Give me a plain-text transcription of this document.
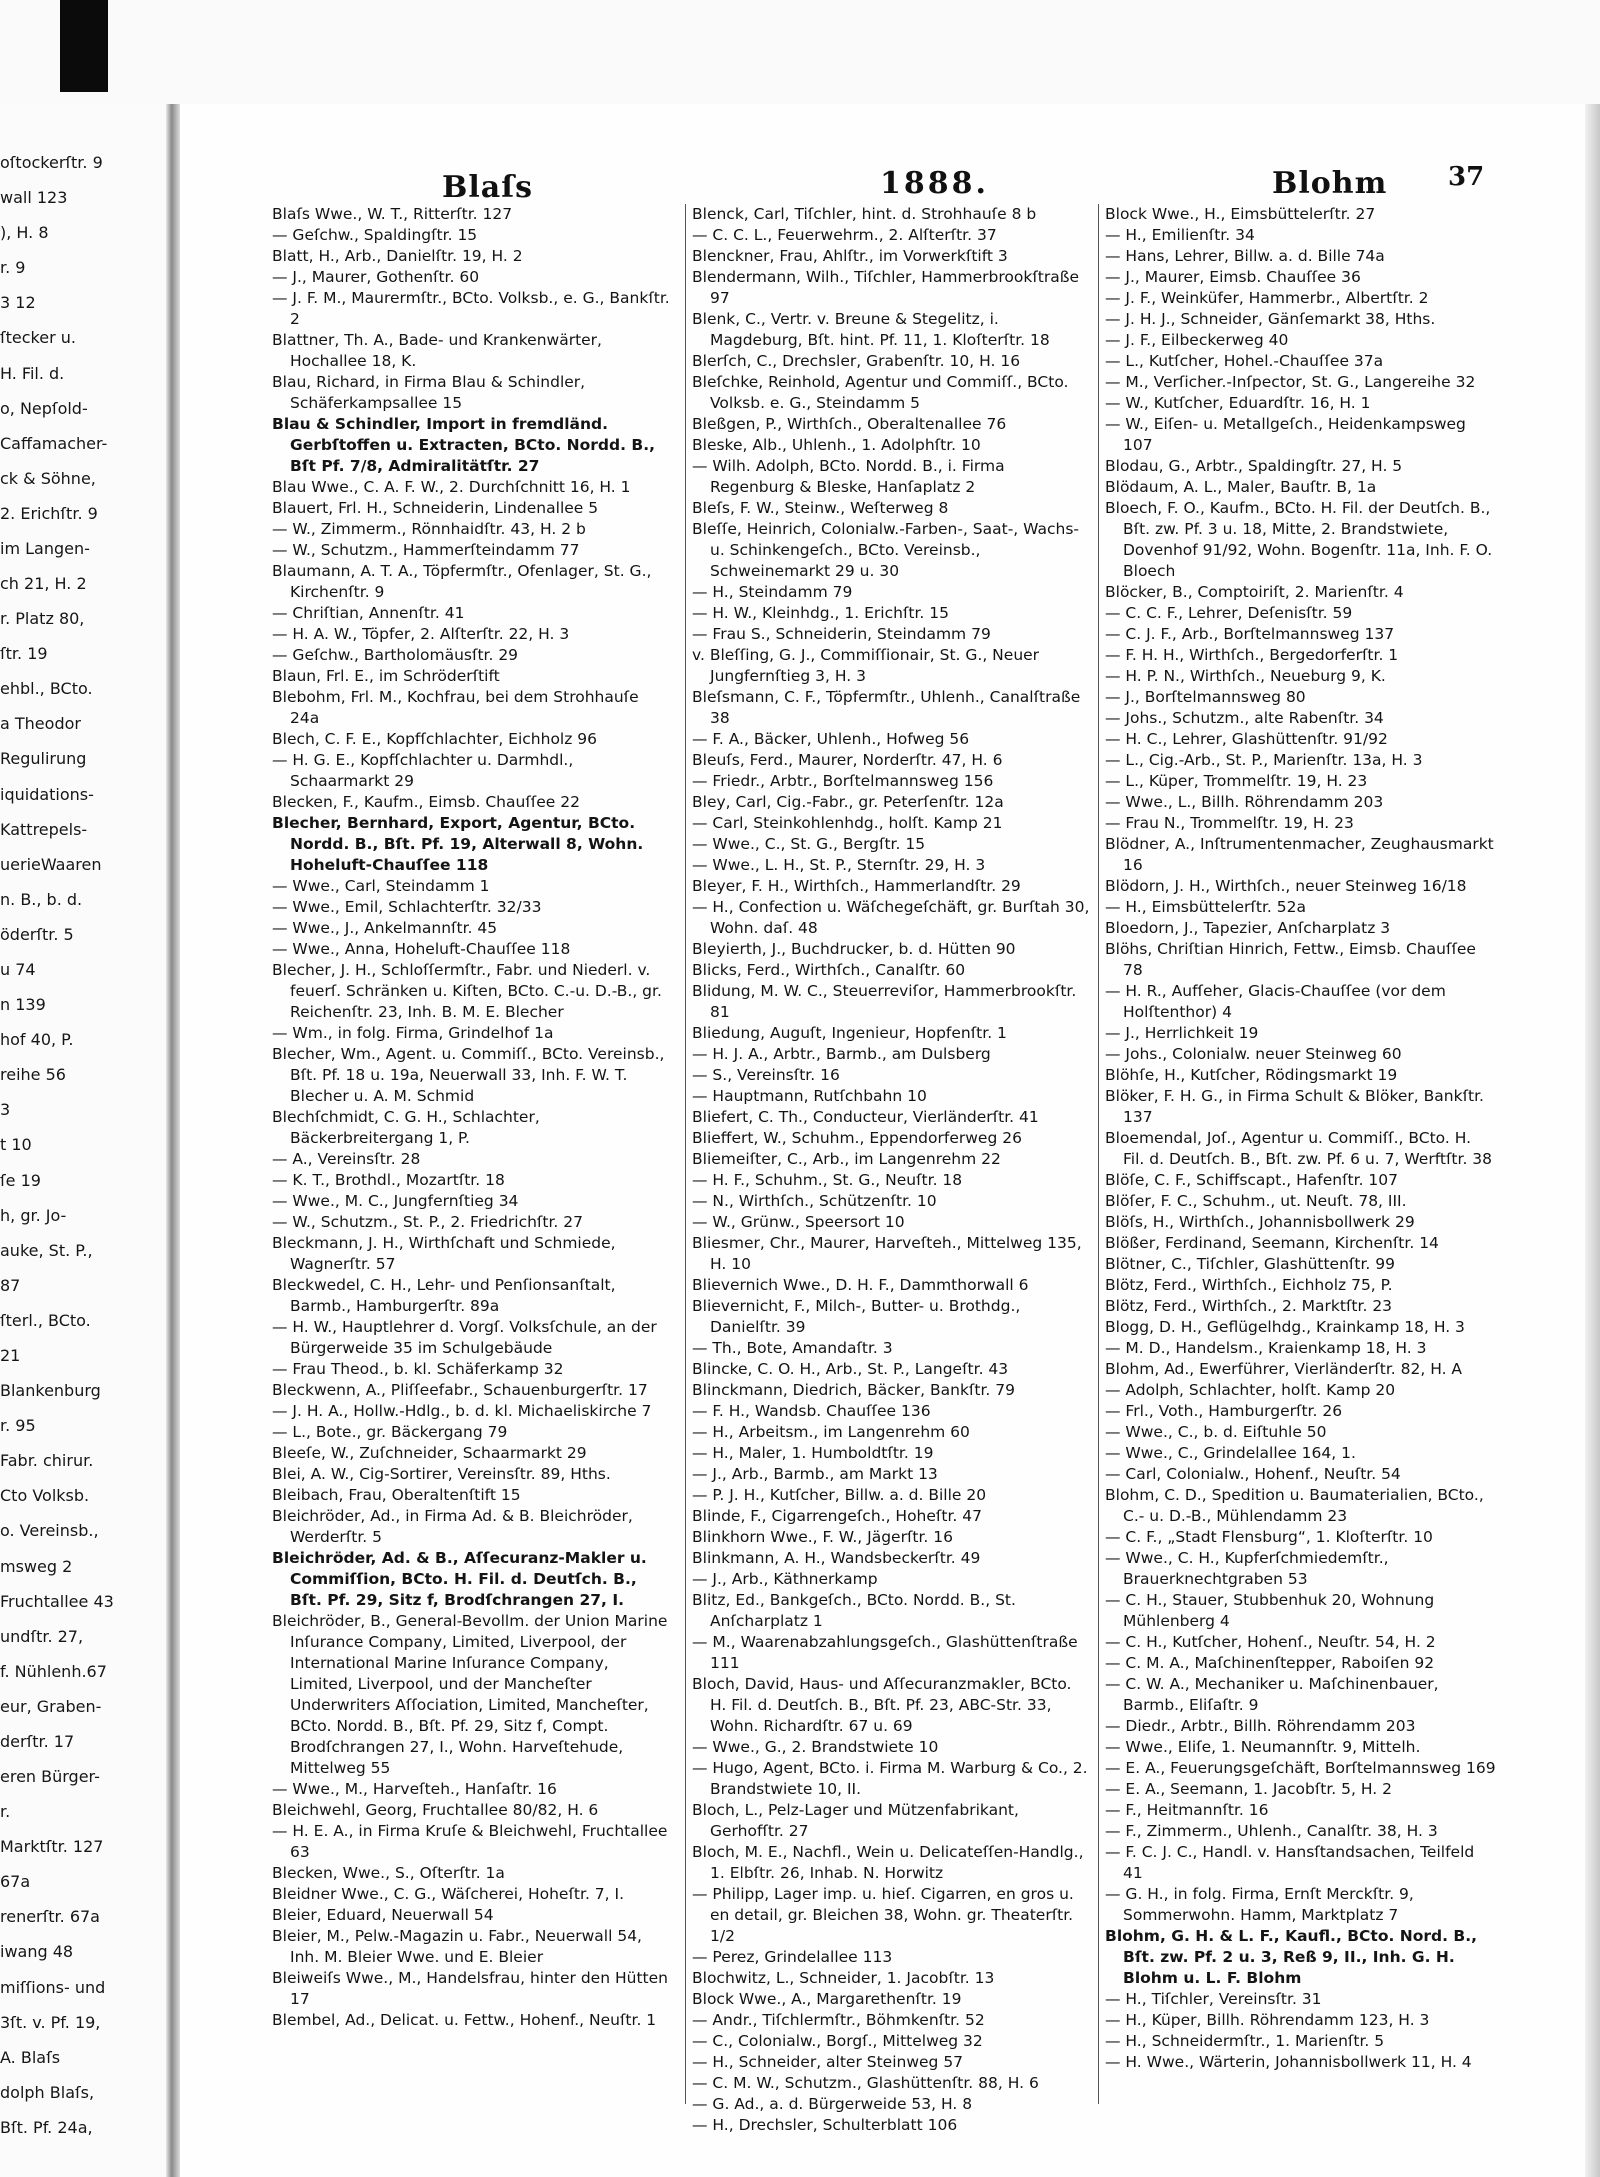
oſtockerſtr. 9
wall 123
), H. 8
r. 9
3 12
ſtecker u.
H. Fil. d.
o, Nepſold-
Caffamacher-
ck & Söhne,
2. Erichſtr. 9
im Langen-
ch 21, H. 2
r. Platz 80,
ſtr. 19
ehbl., BCto.
a Theodor
Regulirung
iquidations-
Kattrepels-
uerieWaaren
n. B., b. d.
öderſtr. 5
u 74
n 139
hof 40, P.
reihe 56
3
t 10
ſe 19
h, gr. Jo-
auke, St. P.,
87
ſterl., BCto.
21
Blankenburg
r. 95
Fabr. chirur.
Cto Volksb.
o. Vereinsb.,
msweg 2
Fruchtallee 43
undſtr. 27,
f. Nühlenh.67
eur, Graben-
derſtr. 17
eren Bürger-
r.
Marktſtr. 127
67a
renerſtr. 67a
iwang 48
miſſions- und
3ſt. v. Pf. 19,
A. Blaſs
dolph Blaſs,
Bſt. Pf. 24a,
Blaſs	1888.	Blohm 37

Blaſs Wwe., W. T., Ritterſtr. 127

— Geſchw., Spaldingſtr. 15

Blatt, H., Arb., Danielſtr. 19, H. 2

— J., Maurer, Gothenſtr. 60

— J. F. M., Maurermſtr., BCto. Volksb., e. G., Bankſtr. 2

Blattner, Th. A., Bade- und Krankenwärter, Hochallee 18, K.

Blau, Richard, in Firma Blau & Schindler, Schäferkampsallee 15

Blau & Schindler, Import in fremdländ. Gerbſtoffen u. Extracten, BCto. Nordd. B., Bſt Pf. 7/8, Admiralitätſtr. 27

Blau Wwe., C. A. F. W., 2. Durchſchnitt 16, H. 1

Blauert, Frl. H., Schneiderin, Lindenallee 5

— W., Zimmerm., Rönnhaidſtr. 43, H. 2 b

— W., Schutzm., Hammerſteindamm 77

Blaumann, A. T. A., Töpfermſtr., Ofenlager, St. G., Kirchenſtr. 9

— Chriſtian, Annenſtr. 41

— H. A. W., Töpfer, 2. Alſterſtr. 22, H. 3

— Geſchw., Bartholomäusſtr. 29

Blaun, Frl. E., im Schröderſtift

Blebohm, Frl. M., Kochfrau, bei dem Strohhauſe 24a

Blech, C. F. E., Kopfſchlachter, Eichholz 96

— H. G. E., Kopfſchlachter u. Darmhdl., Schaarmarkt 29

Blecken, F., Kaufm., Eimsb. Chauſſee 22

Blecher, Bernhard, Export, Agentur, BCto. Nordd. B., Bſt. Pf. 19, Alterwall 8, Wohn. Hoheluft-Chauſſee 118

— Wwe., Carl, Steindamm 1

— Wwe., Emil, Schlachterſtr. 32/33

— Wwe., J., Ankelmannſtr. 45

— Wwe., Anna, Hoheluft-Chauſſee 118

Blecher, J. H., Schloſſermſtr., Fabr. und Niederl. v. feuerſ. Schränken u. Kiſten, BCto. C.-u. D.-B., gr. Reichenſtr. 23, Inh. B. M. E. Blecher

— Wm., in folg. Firma, Grindelhof 1a

Blecher, Wm., Agent. u. Commiſſ., BCto. Vereinsb., Bſt. Pf. 18 u. 19a, Neuerwall 33, Inh. F. W. T. Blecher u. A. M. Schmid

Blechſchmidt, C. G. H., Schlachter, Bäckerbreitergang 1, P.

— A., Vereinsſtr. 28

— K. T., Brothdl., Mozartſtr. 18

— Wwe., M. C., Jungfernſtieg 34

— W., Schutzm., St. P., 2. Friedrichſtr. 27

Bleckmann, J. H., Wirthſchaft und Schmiede, Wagnerſtr. 57

Bleckwedel, C. H., Lehr- und Penſionsanſtalt, Barmb., Hamburgerſtr. 89a

— H. W., Hauptlehrer d. Vorgſ. Volksſchule, an der Bürgerweide 35 im Schulgebäude

— Frau Theod., b. kl. Schäferkamp 32

Bleckwenn, A., Pliſſeefabr., Schauenburgerſtr. 17

— J. H. A., Hollw.-Hdlg., b. d. kl. Michaeliskirche 7

— L., Bote., gr. Bäckergang 79

Bleeſe, W., Zuſchneider, Schaarmarkt 29

Blei, A. W., Cig-Sortirer, Vereinsſtr. 89, Hths.

Bleibach, Frau, Oberaltenſtift 15

Bleichröder, Ad., in Firma Ad. & B. Bleichröder, Werderſtr. 5

Bleichröder, Ad. & B., Aſſecuranz-Makler u. Commiſſion, BCto. H. Fil. d. Deutſch. B., Bſt. Pf. 29, Sitz f, Brodſchrangen 27, I.

Bleichröder, B., General-Bevollm. der Union Marine Inſurance Company, Limited, Liverpool, der International Marine Inſurance Company, Limited, Liverpool, und der Mancheſter Underwriters Aſſociation, Limited, Mancheſter, BCto. Nordd. B., Bſt. Pf. 29, Sitz f, Compt. Brodſchrangen 27, I., Wohn. Harveſtehude, Mittelweg 55

— Wwe., M., Harveſteh., Hanſaſtr. 16

Bleichwehl, Georg, Fruchtallee 80/82, H. 6

— H. E. A., in Firma Kruſe & Bleichwehl, Fruchtallee 63

Blecken, Wwe., S., Oſterſtr. 1a

Bleidner Wwe., C. G., Wäſcherei, Hoheſtr. 7, I.

Bleier, Eduard, Neuerwall 54

Bleier, M., Pelw.-Magazin u. Fabr., Neuerwall 54, Inh. M. Bleier Wwe. und E. Bleier

Bleiweiſs Wwe., M., Handelsfrau, hinter den Hütten 17

Blembel, Ad., Delicat. u. Fettw., Hohenf., Neuſtr. 1

Blenck, Carl, Tiſchler, hint. d. Strohhauſe 8 b

— C. C. L., Feuerwehrm., 2. Alſterſtr. 37

Blenckner, Frau, Ahlſtr., im Vorwerkſtift 3

Blendermann, Wilh., Tiſchler, Hammerbrookſtraße 97

Blenk, C., Vertr. v. Breune & Stegelitz, i. Magdeburg, Bſt. hint. Pf. 11, 1. Kloſterſtr. 18

Blerſch, C., Drechsler, Grabenſtr. 10, H. 16

Bleſchke, Reinhold, Agentur und Commiſſ., BCto. Volksb. e. G., Steindamm 5

Bleßgen, P., Wirthſch., Oberaltenallee 76

Bleske, Alb., Uhlenh., 1. Adolphſtr. 10

— Wilh. Adolph, BCto. Nordd. B., i. Firma Regenburg & Bleske, Hanſaplatz 2

Bleſs, F. W., Steinw., Weſterweg 8

Bleſſe, Heinrich, Colonialw.-Farben-, Saat-, Wachs- u. Schinkengeſch., BCto. Vereinsb., Schweinemarkt 29 u. 30

— H., Steindamm 79

— H. W., Kleinhdg., 1. Erichſtr. 15

— Frau S., Schneiderin, Steindamm 79

v. Bleſſing, G. J., Commiſſionair, St. G., Neuer Jungfernſtieg 3, H. 3

Bleſsmann, C. F., Töpfermſtr., Uhlenh., Canalſtraße 38

— F. A., Bäcker, Uhlenh., Hofweg 56

Bleuſs, Ferd., Maurer, Norderſtr. 47, H. 6

— Friedr., Arbtr., Borſtelmannsweg 156

Bley, Carl, Cig.-Fabr., gr. Peterſenſtr. 12a

— Carl, Steinkohlenhdg., holſt. Kamp 21

— Wwe., C., St. G., Bergſtr. 15

— Wwe., L. H., St. P., Sternſtr. 29, H. 3

Bleyer, F. H., Wirthſch., Hammerlandſtr. 29

— H., Confection u. Wäſchegeſchäft, gr. Burſtah 30, Wohn. daſ. 48

Bleyierth, J., Buchdrucker, b. d. Hütten 90

Blicks, Ferd., Wirthſch., Canalſtr. 60

Blidung, M. W. C., Steuerreviſor, Hammerbrookſtr. 81

Bliedung, Auguſt, Ingenieur, Hopfenſtr. 1

— H. J. A., Arbtr., Barmb., am Dulsberg

— S., Vereinsſtr. 16

— Hauptmann, Rutſchbahn 10

Bliefert, C. Th., Conducteur, Vierländerſtr. 41

Blieffert, W., Schuhm., Eppendorferweg 26

Bliemeiſter, C., Arb., im Langenrehm 22

— H. F., Schuhm., St. G., Neuſtr. 18

— N., Wirthſch., Schützenſtr. 10

— W., Grünw., Speersort 10

Bliesmer, Chr., Maurer, Harveſteh., Mittelweg 135, H. 10

Blievernich Wwe., D. H. F., Dammthorwall 6

Blievernicht, F., Milch-, Butter- u. Brothdg., Danielſtr. 39

— Th., Bote, Amandaſtr. 3

Blincke, C. O. H., Arb., St. P., Langeſtr. 43

Blinckmann, Diedrich, Bäcker, Bankſtr. 79

— F. H., Wandsb. Chauſſee 136

— H., Arbeitsm., im Langenrehm 60

— H., Maler, 1. Humboldtſtr. 19

— J., Arb., Barmb., am Markt 13

— P. J. H., Kutſcher, Billw. a. d. Bille 20

Blinde, F., Cigarrengeſch., Hoheſtr. 47

Blinkhorn Wwe., F. W., Jägerſtr. 16

Blinkmann, A. H., Wandsbeckerſtr. 49

— J., Arb., Käthnerkamp

Blitz, Ed., Bankgeſch., BCto. Nordd. B., St. Anſcharplatz 1

— M., Waarenabzahlungsgeſch., Glashüttenſtraße 111

Bloch, David, Haus- und Aſſecuranzmakler, BCto. H. Fil. d. Deutſch. B., Bſt. Pf. 23, ABC-Str. 33, Wohn. Richardſtr. 67 u. 69

— Wwe., G., 2. Brandstwiete 10

— Hugo, Agent, BCto. i. Firma M. Warburg & Co., 2. Brandstwiete 10, II.

Bloch, L., Pelz-Lager und Mützenfabrikant, Gerhofſtr. 27

Bloch, M. E., Nachfl., Wein u. Delicateſſen-Handlg., 1. Elbſtr. 26, Inhab. N. Horwitz

— Philipp, Lager imp. u. hieſ. Cigarren, en gros u. en detail, gr. Bleichen 38, Wohn. gr. Theaterſtr. 1/2

— Perez, Grindelallee 113

Blochwitz, L., Schneider, 1. Jacobſtr. 13

Block Wwe., A., Margarethenſtr. 19

— Andr., Tiſchlermſtr., Böhmkenſtr. 52

— C., Colonialw., Borgſ., Mittelweg 32

— H., Schneider, alter Steinweg 57

— C. M. W., Schutzm., Glashüttenſtr. 88, H. 6

— G. Ad., a. d. Bürgerweide 53, H. 8

— H., Drechsler, Schulterblatt 106

Block Wwe., H., Eimsbüttelerſtr. 27

— H., Emilienſtr. 34

— Hans, Lehrer, Billw. a. d. Bille 74a

— J., Maurer, Eimsb. Chauſſee 36

— J. F., Weinküfer, Hammerbr., Albertſtr. 2

— J. H. J., Schneider, Gänſemarkt 38, Hths.

— J. F., Eilbeckerweg 40

— L., Kutſcher, Hohel.-Chauſſee 37a

— M., Verſicher.-Inſpector, St. G., Langereihe 32

— W., Kutſcher, Eduardſtr. 16, H. 1

— W., Eiſen- u. Metallgeſch., Heidenkampsweg 107

Blodau, G., Arbtr., Spaldingſtr. 27, H. 5

Blödaum, A. L., Maler, Bauſtr. B, 1a

Bloech, F. O., Kaufm., BCto. H. Fil. der Deutſch. B., Bſt. zw. Pf. 3 u. 18, Mitte, 2. Brandstwiete, Dovenhof 91/92, Wohn. Bogenſtr. 11a, Inh. F. O. Bloech

Blöcker, B., Comptoiriſt, 2. Marienſtr. 4

— C. C. F., Lehrer, Deſenisſtr. 59

— C. J. F., Arb., Borſtelmannsweg 137

— F. H. H., Wirthſch., Bergedorferſtr. 1

— H. P. N., Wirthſch., Neueburg 9, K.

— J., Borſtelmannsweg 80

— Johs., Schutzm., alte Rabenſtr. 34

— H. C., Lehrer, Glashüttenſtr. 91/92

— L., Cig.-Arb., St. P., Marienſtr. 13a, H. 3

— L., Küper, Trommelſtr. 19, H. 23

— Wwe., L., Billh. Röhrendamm 203

— Frau N., Trommelſtr. 19, H. 23

Blödner, A., Inſtrumentenmacher, Zeughausmarkt 16

Blödorn, J. H., Wirthſch., neuer Steinweg 16/18

— H., Eimsbüttelerſtr. 52a

Bloedorn, J., Tapezier, Anſcharplatz 3

Blöhs, Chriſtian Hinrich, Fettw., Eimsb. Chauſſee 78

— H. R., Aufſeher, Glacis-Chauſſee (vor dem Holſtenthor) 4

— J., Herrlichkeit 19

— Johs., Colonialw. neuer Steinweg 60

Blöhſe, H., Kutſcher, Rödingsmarkt 19

Blöker, F. H. G., in Firma Schult & Blöker, Bankſtr. 137

Bloemendal, Joſ., Agentur u. Commiſſ., BCto. H. Fil. d. Deutſch. B., Bſt. zw. Pf. 6 u. 7, Werftſtr. 38

Blöſe, C. F., Schiffscapt., Hafenſtr. 107

Blöſer, F. C., Schuhm., ut. Neuſt. 78, III.

Blöſs, H., Wirthſch., Johannisbollwerk 29

Blößer, Ferdinand, Seemann, Kirchenſtr. 14

Blötner, C., Tiſchler, Glashüttenſtr. 99

Blötz, Ferd., Wirthſch., Eichholz 75, P.

Blötz, Ferd., Wirthſch., 2. Marktſtr. 23

Blogg, D. H., Geflügelhdg., Krainkamp 18, H. 3

— M. D., Handelsm., Kraienkamp 18, H. 3

Blohm, Ad., Ewerführer, Vierländerſtr. 82, H. A

— Adolph, Schlachter, holſt. Kamp 20

— Frl., Voth., Hamburgerſtr. 26

— Wwe., C., b. d. Eiſtuhle 50

— Wwe., C., Grindelallee 164, 1.

— Carl, Colonialw., Hohenf., Neuſtr. 54

Blohm, C. D., Spedition u. Baumaterialien, BCto., C.- u. D.-B., Mühlendamm 23

— C. F., „Stadt Flensburg“, 1. Kloſterſtr. 10

— Wwe., C. H., Kupferſchmiedemſtr., Brauerknechtgraben 53

— C. H., Stauer, Stubbenhuk 20, Wohnung Mühlenberg 4

— C. H., Kutſcher, Hohenſ., Neuſtr. 54, H. 2

— C. M. A., Maſchinenſtepper, Raboiſen 92

— C. W. A., Mechaniker u. Maſchinenbauer, Barmb., Eliſaſtr. 9

— Diedr., Arbtr., Billh. Röhrendamm 203

— Wwe., Eliſe, 1. Neumannſtr. 9, Mittelh.

— E. A., Feuerungsgeſchäft, Borſtelmannsweg 169

— E. A., Seemann, 1. Jacobſtr. 5, H. 2

— F., Heitmannſtr. 16

— F., Zimmerm., Uhlenh., Canalſtr. 38, H. 3

— F. C. J. C., Handl. v. Hansſtandsachen, Teilfeld 41

— G. H., in folg. Firma, Ernſt Merckſtr. 9, Sommerwohn. Hamm, Marktplatz 7

Blohm, G. H. & L. F., Kaufl., BCto. Nord. B., Bſt. zw. Pf. 2 u. 3, Reß 9, II., Inh. G. H. Blohm u. L. F. Blohm

— H., Tiſchler, Vereinsſtr. 31

— H., Küper, Billh. Röhrendamm 123, H. 3

— H., Schneidermſtr., 1. Marienſtr. 5

— H. Wwe., Wärterin, Johannisbollwerk 11, H. 4
